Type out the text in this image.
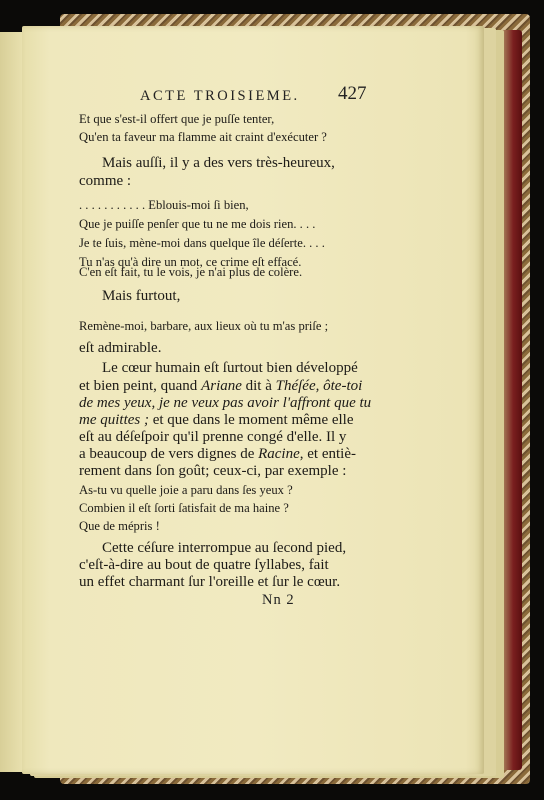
ACTE TROISIEME. 427
Et que s'est-il offert que je puſſe tenter,
Qu'en ta faveur ma flamme ait craint d'exécuter ?
Mais auſſi, il y a des vers très-heureux,
comme :
. . . . . . . . . . . Eblouis-moi ſi bien,
Que je puiſſe penſer que tu ne me dois rien. . . .
Je te ſuis, mène-moi dans quelque île déſerte. . . .
Tu n'as qu'à dire un mot, ce crime eſt effacé.
C'en eſt fait, tu le vois, je n'ai plus de colère.
Mais furtout,
Remène-moi, barbare, aux lieux où tu m'as priſe ;
eſt admirable.
Le cœur humain eſt ſurtout bien développé
et bien peint, quand Ariane dit à Théſée, ôte-toi
de mes yeux, je ne veux pas avoir l'affront que tu
me quittes ; et que dans le moment même elle
eſt au déſeſpoir qu'il prenne congé d'elle. Il y
a beaucoup de vers dignes de Racine, et entiè-
rement dans ſon goût; ceux-ci, par exemple :
As-tu vu quelle joie a paru dans ſes yeux ?
Combien il eſt ſorti ſatisfait de ma haine ?
Que de mépris !
Cette céſure interrompue au ſecond pied,
c'eſt-à-dire au bout de quatre ſyllabes, fait
un effet charmant ſur l'oreille et ſur le cœur.
Nn 2
